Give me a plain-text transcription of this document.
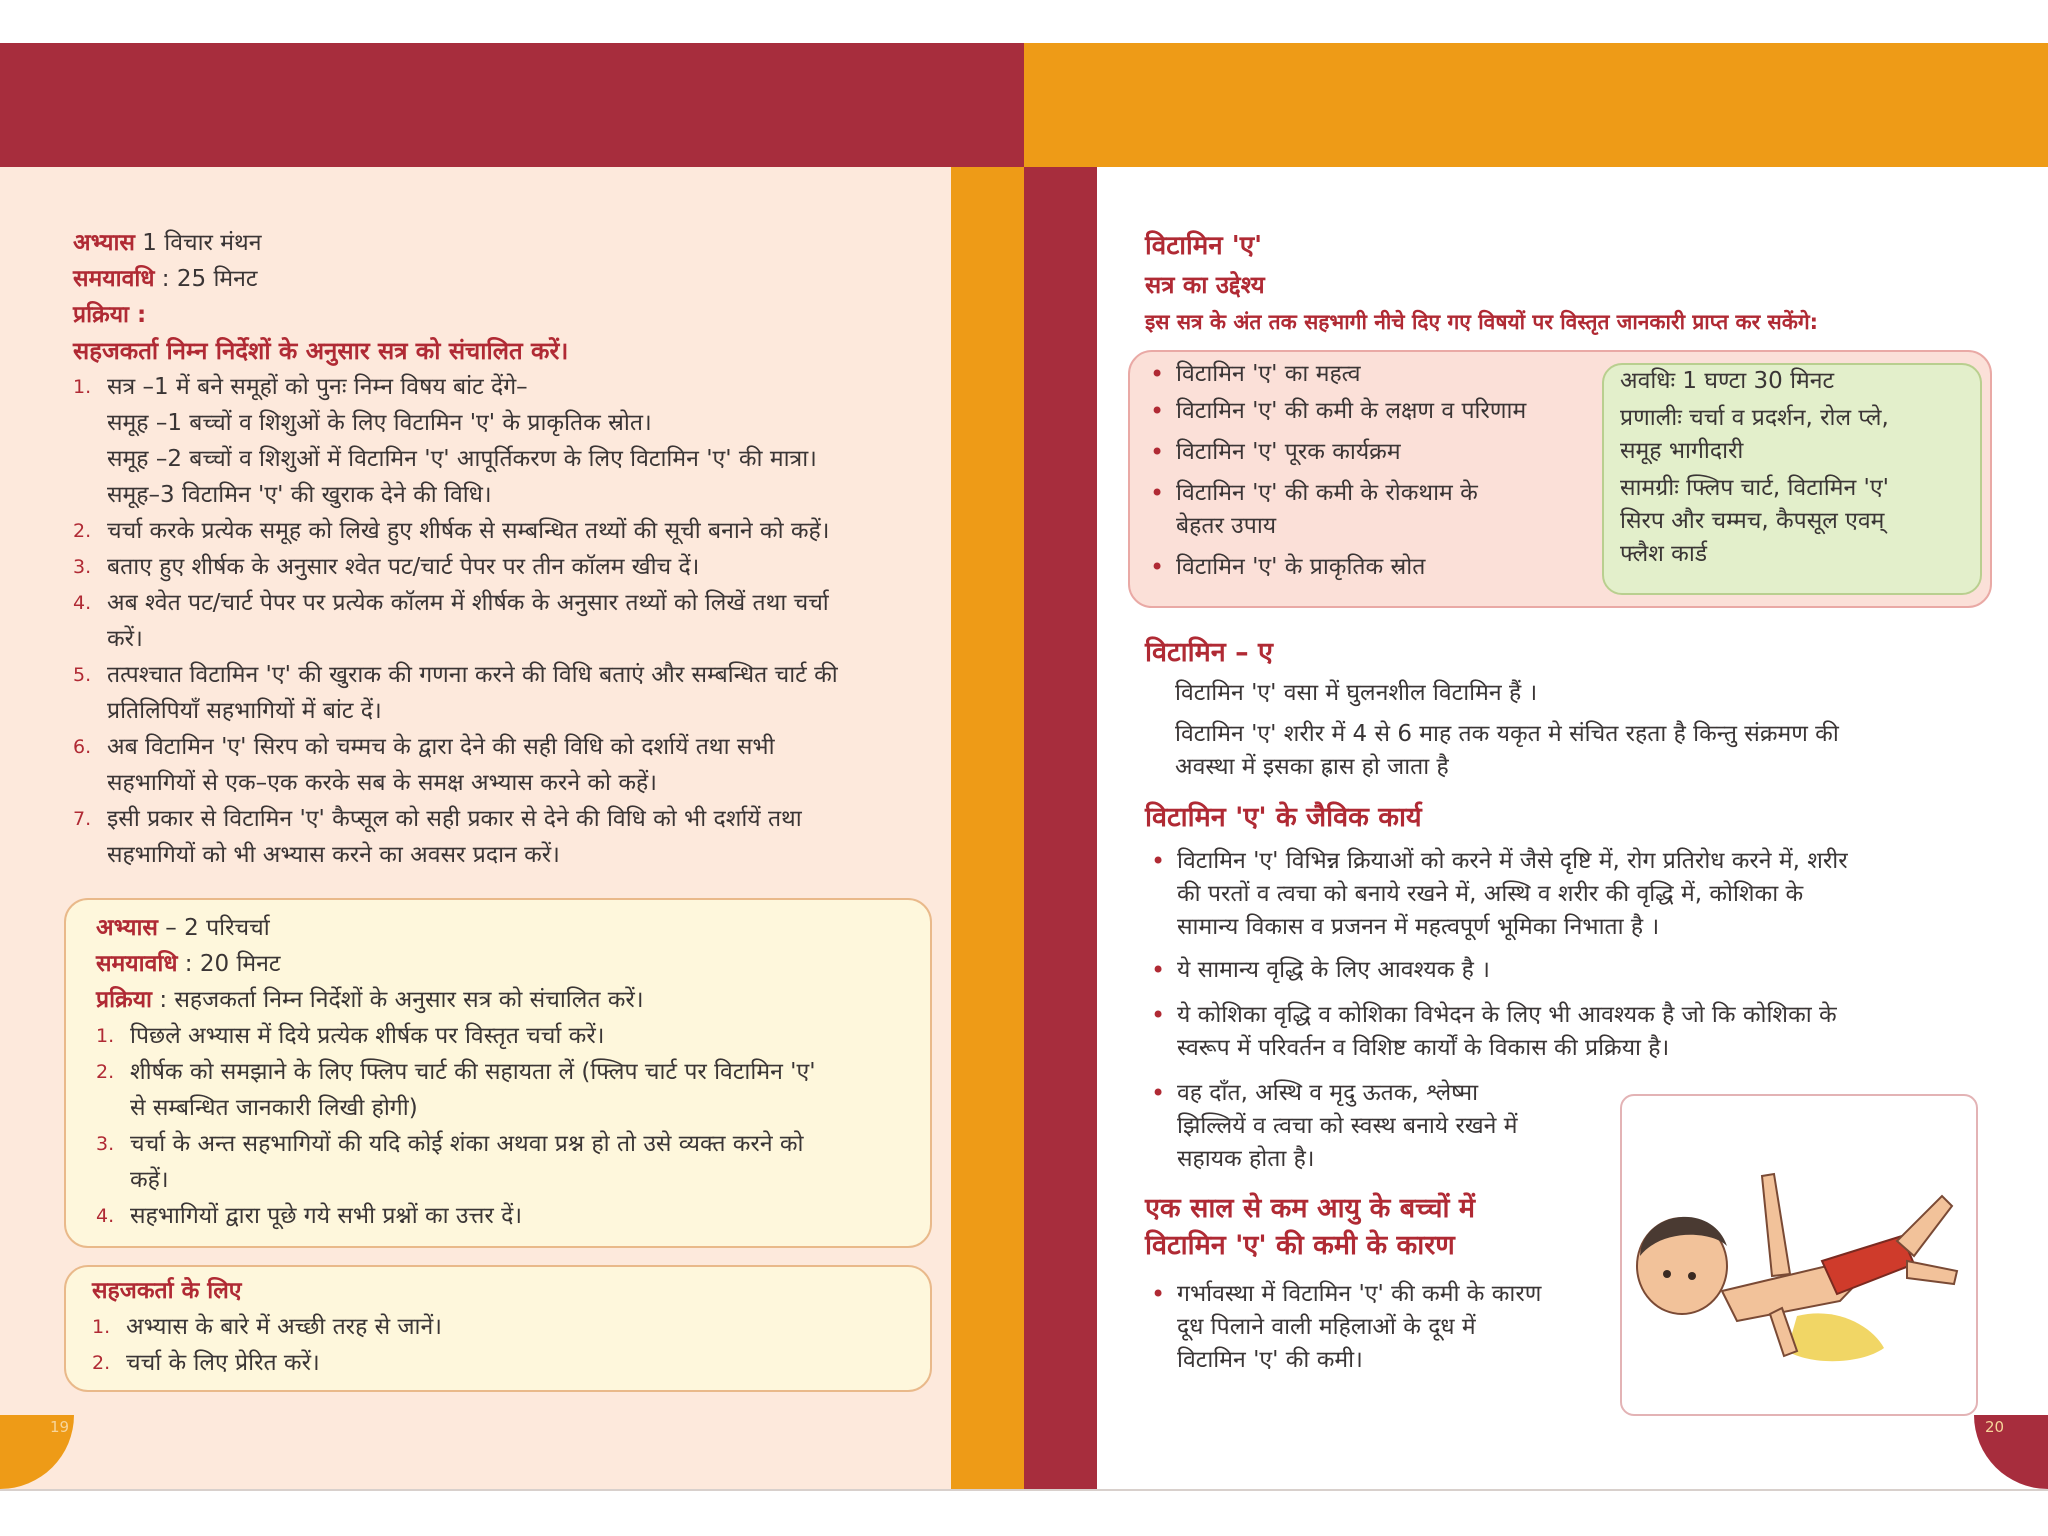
19	20
अभ्यास 1 विचार मंथन
समयावधि : 25 मिनट
प्रक्रिया :
सहजकर्ता निम्न निर्देशों के अनुसार सत्र को संचालित करें।
1. सत्र –1 में बने समूहों को पुनः निम्न विषय बांट देंगे–
समूह –1 बच्चों व शिशुओं के लिए विटामिन 'ए' के प्राकृतिक स्रोत।
समूह –2 बच्चों व शिशुओं में विटामिन 'ए' आपूर्तिकरण के लिए विटामिन 'ए' की मात्रा।
समूह–3 विटामिन 'ए' की खुराक देने की विधि।
2. चर्चा करके प्रत्येक समूह को लिखे हुए शीर्षक से सम्बन्धित तथ्यों की सूची बनाने को कहें।
3. बताए हुए शीर्षक के अनुसार श्वेत पट/चार्ट पेपर पर तीन कॉलम खीच दें।
4. अब श्वेत पट/चार्ट पेपर पर प्रत्येक कॉलम में शीर्षक के अनुसार तथ्यों को लिखें तथा चर्चा
करें।
5. तत्पश्चात विटामिन 'ए' की खुराक की गणना करने की विधि बताएं और सम्बन्धित चार्ट की
प्रतिलिपियाँ सहभागियों में बांट दें।
6. अब विटामिन 'ए' सिरप को चम्मच के द्वारा देने की सही विधि को दर्शायें तथा सभी
सहभागियों से एक–एक करके सब के समक्ष अभ्यास करने को कहें।
7. इसी प्रकार से विटामिन 'ए' कैप्सूल को सही प्रकार से देने की विधि को भी दर्शायें तथा
सहभागियों को भी अभ्यास करने का अवसर प्रदान करें।
अभ्यास – 2 परिचर्चा
समयावधि : 20 मिनट
प्रक्रिया : सहजकर्ता निम्न निर्देशों के अनुसार सत्र को संचालित करें।
1. पिछले अभ्यास में दिये प्रत्येक शीर्षक पर विस्तृत चर्चा करें।
2. शीर्षक को समझाने के लिए फ्लिप चार्ट की सहायता लें (फ्लिप चार्ट पर विटामिन 'ए'
से सम्बन्धित जानकारी लिखी होगी)
3. चर्चा के अन्त सहभागियों की यदि कोई शंका अथवा प्रश्न हो तो उसे व्यक्त करने को
कहें।
4. सहभागियों द्वारा पूछे गये सभी प्रश्नों का उत्तर दें।
सहजकर्ता के लिए
1. अभ्यास के बारे में अच्छी तरह से जानें।
2. चर्चा के लिए प्रेरित करें।
विटामिन 'ए'
सत्र का उद्देश्य
इस सत्र के अंत तक सहभागी नीचे दिए गए विषयों पर विस्तृत जानकारी प्राप्त कर सकेंगे:
• विटामिन 'ए' का महत्व
• विटामिन 'ए' की कमी के लक्षण व परिणाम
• विटामिन 'ए' पूरक कार्यक्रम
• विटामिन 'ए' की कमी के रोकथाम के
बेहतर उपाय
• विटामिन 'ए' के प्राकृतिक स्रोत
अवधिः 1 घण्टा 30 मिनट
प्रणालीः चर्चा व प्रदर्शन, रोल प्ले,
समूह भागीदारी
सामग्रीः फ्लिप चार्ट, विटामिन 'ए'
सिरप और चम्मच, कैपसूल एवम्
फ्लैश कार्ड
विटामिन – ए
विटामिन 'ए' वसा में घुलनशील विटामिन हैं ।
विटामिन 'ए' शरीर में 4 से 6 माह तक यकृत मे संचित रहता है किन्तु संक्रमण की
अवस्था में इसका ह्रास हो जाता है
विटामिन 'ए' के जैविक कार्य
• विटामिन 'ए' विभिन्न क्रियाओं को करने में जैसे दृष्टि में, रोग प्रतिरोध करने में, शरीर
की परतों व त्वचा को बनाये रखने में, अस्थि व शरीर की वृद्धि में, कोशिका के
सामान्य विकास व प्रजनन में महत्वपूर्ण भूमिका निभाता है ।
• ये सामान्य वृद्धि के लिए आवश्यक है ।
• ये कोशिका वृद्धि व कोशिका विभेदन के लिए भी आवश्यक है जो कि कोशिका के
स्वरूप में परिवर्तन व विशिष्ट कार्यों के विकास की प्रक्रिया है।
• वह दाँत, अस्थि व मृदु ऊतक, श्लेष्मा
झिल्लियें व त्वचा को स्वस्थ बनाये रखने में
सहायक होता है।
एक साल से कम आयु के बच्चों में
विटामिन 'ए' की कमी के कारण
• गर्भावस्था में विटामिन 'ए' की कमी के कारण
दूध पिलाने वाली महिलाओं के दूध में
विटामिन 'ए' की कमी।
